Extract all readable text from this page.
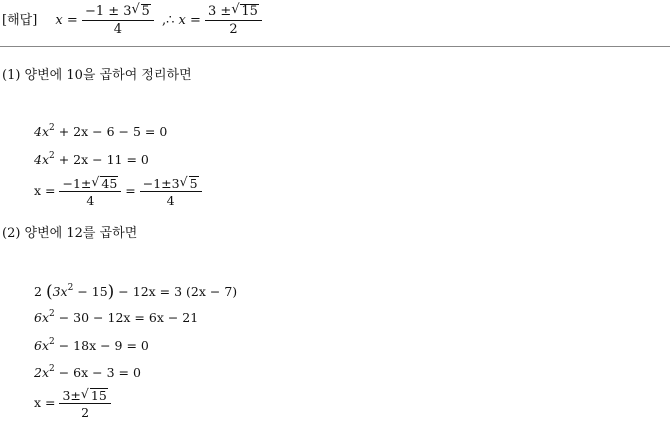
[해답] $x = \frac{-1 \pm 3 √ 5}{4}$ ,∴ $x = \frac{3 \pm √ 15}{2}$
(1) 양변에 10을 곱하여 정리하면
$4x^2 + 2x - 6 - 5 = 0$
$4x^2 + 2x - 11 = 0$
$x = \frac{-1\pm √ 45}{4} = \frac{-1\pm 3 √ 5}{4}$
(2) 양변에 12를 곱하면
2 $(3x^2 - 15) - 12x = 3$ (2x − 7)
$6x^2 - 30 - 12x = 6x - 21$
$6x^2 - 18x - 9 = 0$
$2x^2 - 6x - 3 = 0$
$x = \frac{3\pm √ 15}{2}$
